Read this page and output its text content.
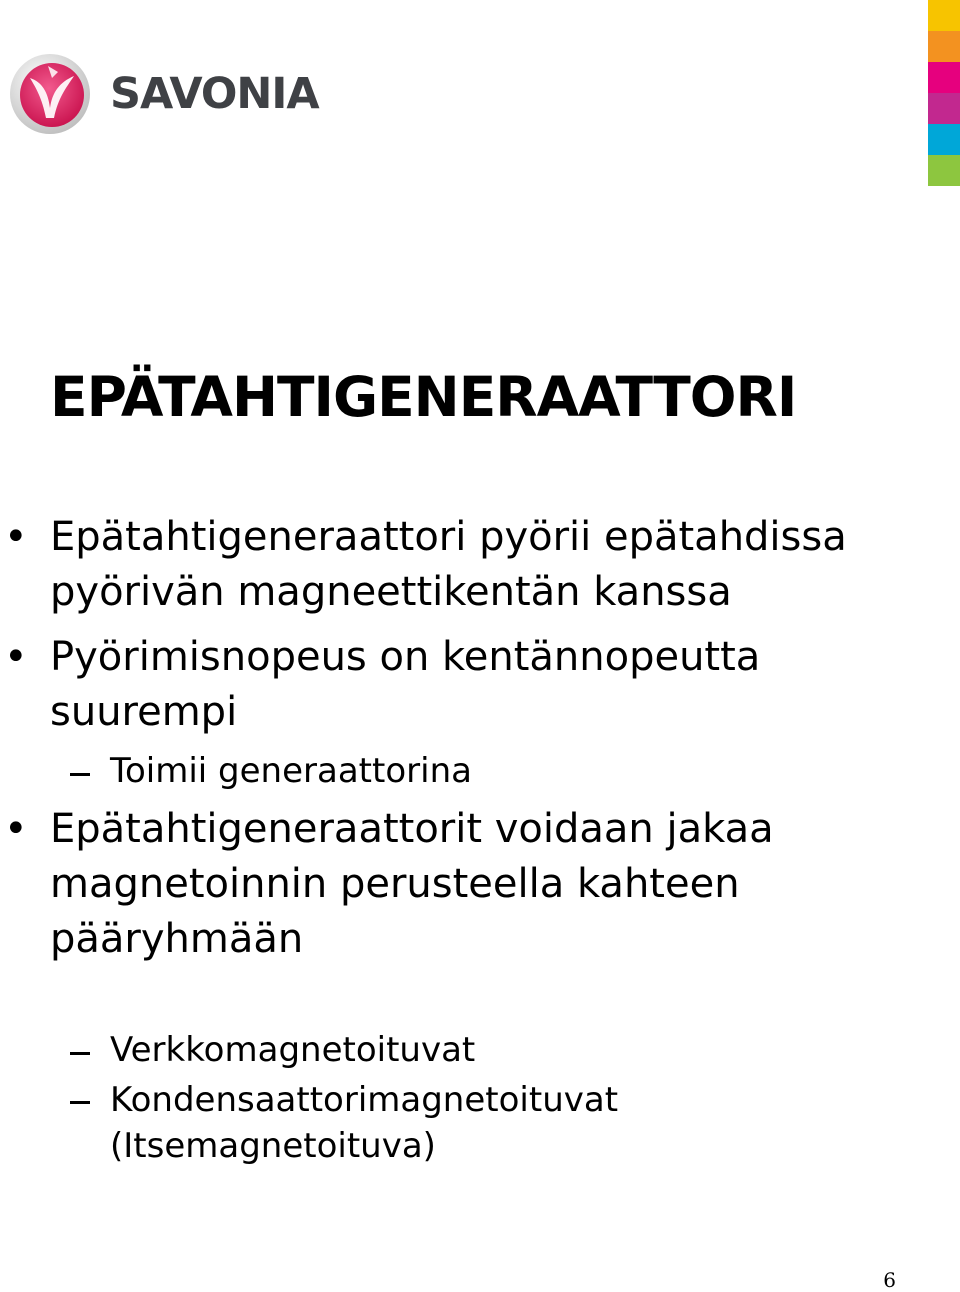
SAVONIA
EPÄTAHTIGENERAATTORI
• Epätahtigeneraattori pyörii epätahdissa pyörivän magneettikentän kanssa
• Pyörimisnopeus on kentännopeutta suurempi
Toimii generaattorina
• Epätahtigeneraattorit voidaan jakaa magnetoinnin perusteella kahteen pääryhmään
Verkkomagnetoituvat
Kondensaattorimagnetoituvat (Itsemagnetoituva)
6
